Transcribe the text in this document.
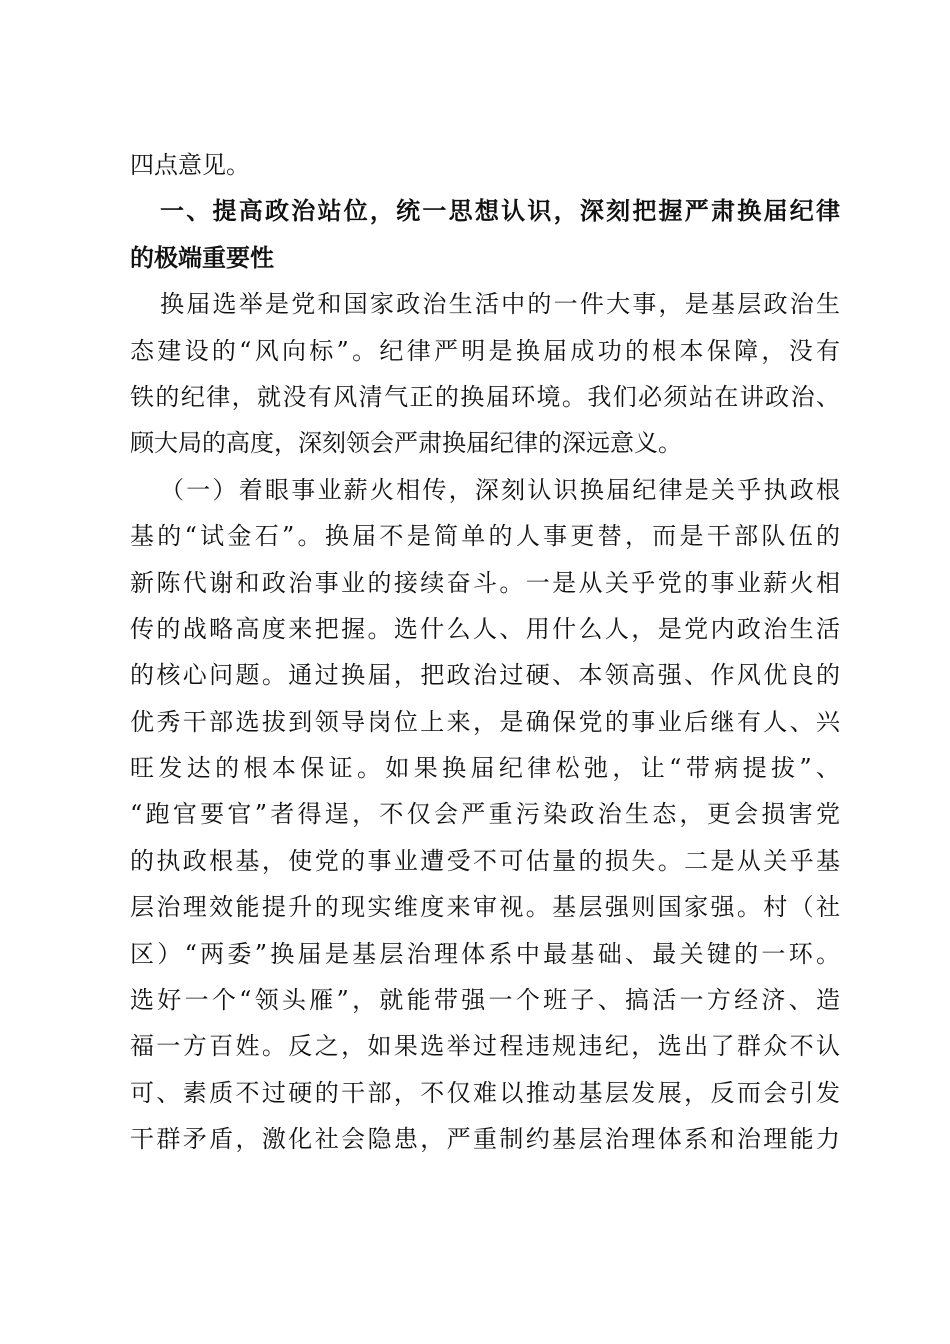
四点意见。
一、提高政治站位，统一思想认识，深刻把握严肃换届纪律
的极端重要性
换届选举是党和国家政治生活中的一件大事，是基层政治生
态建设的“风向标”。纪律严明是换届成功的根本保障，没有
铁的纪律，就没有风清气正的换届环境。我们必须站在讲政治、
顾大局的高度，深刻领会严肃换届纪律的深远意义。
（一）着眼事业薪火相传，深刻认识换届纪律是关乎执政根
基的“试金石”。换届不是简单的人事更替，而是干部队伍的
新陈代谢和政治事业的接续奋斗。一是从关乎党的事业薪火相
传的战略高度来把握。选什么人、用什么人，是党内政治生活
的核心问题。通过换届，把政治过硬、本领高强、作风优良的
优秀干部选拔到领导岗位上来，是确保党的事业后继有人、兴
旺发达的根本保证。如果换届纪律松弛，让“带病提拔”、
“跑官要官”者得逞，不仅会严重污染政治生态，更会损害党
的执政根基，使党的事业遭受不可估量的损失。二是从关乎基
层治理效能提升的现实维度来审视。基层强则国家强。村（社
区）“两委”换届是基层治理体系中最基础、最关键的一环。
选好一个“领头雁”，就能带强一个班子、搞活一方经济、造
福一方百姓。反之，如果选举过程违规违纪，选出了群众不认
可、素质不过硬的干部，不仅难以推动基层发展，反而会引发
干群矛盾，激化社会隐患，严重制约基层治理体系和治理能力
